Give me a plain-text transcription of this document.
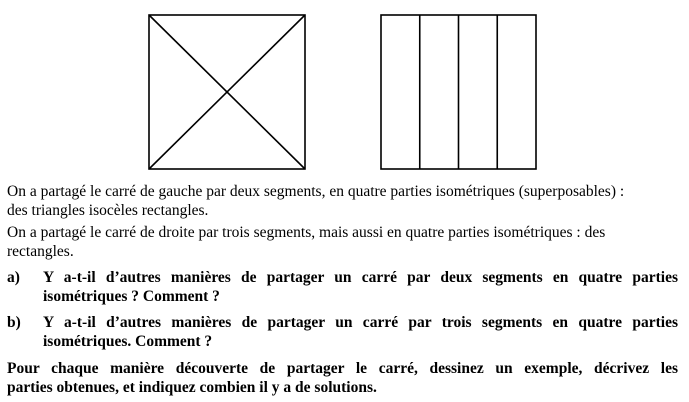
On a partagé le carré de gauche par deux segments, en quatre parties isométriques (superposables) :
des triangles isocèles rectangles.
On a partagé le carré de droite par trois segments, mais aussi en quatre parties isométriques : des
rectangles.
a)	Y a-t-il d’autres manières de partager un carré par deux segments en quatre parties
isométriques ? Comment ?
b)	Y a-t-il d’autres manières de partager un carré par trois segments en quatre parties
isométriques. Comment ?
Pour chaque manière découverte de partager le carré, dessinez un exemple, décrivez les
parties obtenues, et indiquez combien il y a de solutions.
